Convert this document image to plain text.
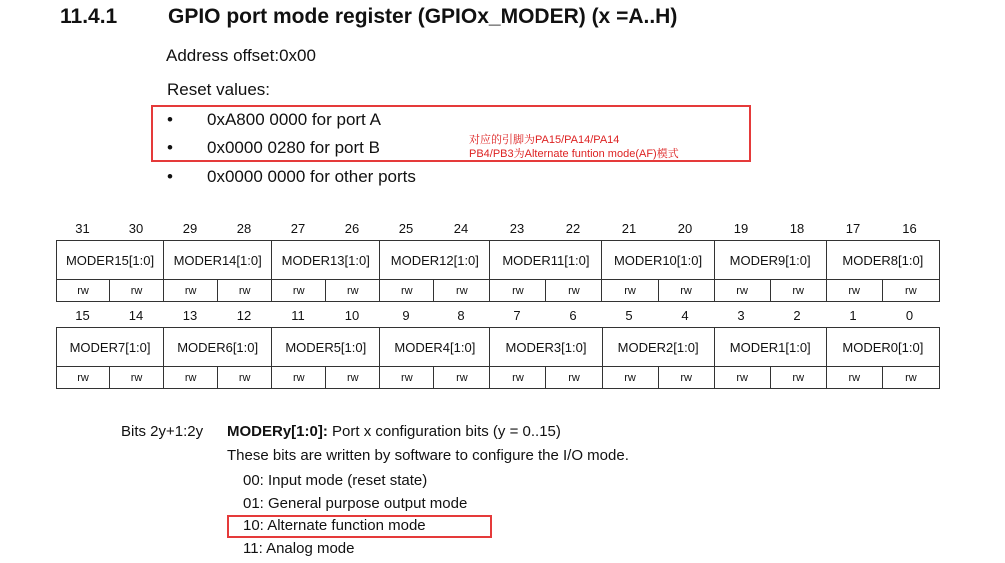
11.4.1 GPIO port mode register (GPIOx_MODER) (x =A..H)
Address offset:0x00
Reset values:
• 0xA800 0000 for port A
• 0x0000 0280 for port B
• 0x0000 0000 for other ports
对应的引脚为PA15/PA14/PA14
PB4/PB3为Alternate funtion mode(AF)模式
31	30	29	28	27	26	25	24	23	22	21	20	19	18	17	16
MODER15[1:0]		MODER14[1:0]		MODER13[1:0]		MODER12[1:0]		MODER11[1:0]		MODER10[1:0]		MODER9[1:0]		MODER8[1:0]	
rw	rw	rw	rw	rw	rw	rw	rw	rw	rw	rw	rw	rw	rw	rw	rw
15	14	13	12	11	10	9	8	7	6	5	4	3	2	1	0
MODER7[1:0]		MODER6[1:0]		MODER5[1:0]		MODER4[1:0]		MODER3[1:0]		MODER2[1:0]		MODER1[1:0]		MODER0[1:0]	
rw	rw	rw	rw	rw	rw	rw	rw	rw	rw	rw	rw	rw	rw	rw	rw
Bits 2y+1:2y MODERy[1:0]: Port x configuration bits (y = 0..15)
These bits are written by software to configure the I/O mode.
00: Input mode (reset state)
01: General purpose output mode
10: Alternate function mode
11: Analog mode
